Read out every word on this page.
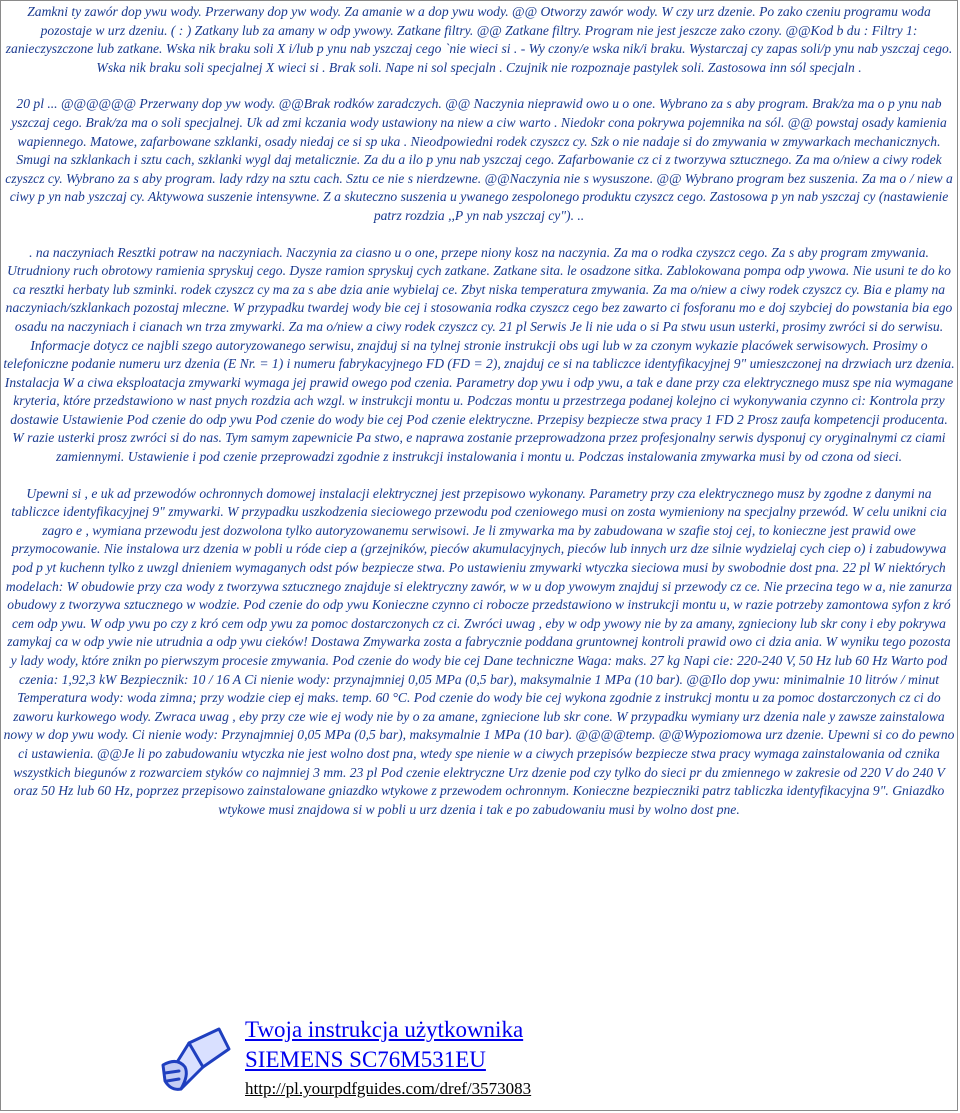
Zamkni ty zawór dop ywu wody. Przerwany dop yw wody. Za amanie w a dop ywu wody. @@ Otworzy zawór wody. W czy urz dzenie. Po zako czeniu programu woda pozostaje w urz dzeniu. ( : ) Zatkany lub za amany w odp ywowy. Zatkane filtry. @@ Zatkane filtry. Program nie jest jeszcze zako czony. @@Kod b du : Filtry 1: zanieczyszczone lub zatkane. Wska nik braku soli X i/lub p ynu nab yszczaj cego `nie wieci si . - Wy czony/e wska nik/i braku. Wystarczaj cy zapas soli/p ynu nab yszczaj cego. Wska nik braku soli specjalnej X wieci si . Brak soli. Nape ni sol specjaln . Czujnik nie rozpoznaje pastylek soli. Zastosowa inn sól specjaln .

20 pl ... @@@@@@ Przerwany dop yw wody. @@Brak rodków zaradczych. @@ Naczynia nieprawid owo u o one. Wybrano za s aby program. Brak/za ma o p ynu nab yszczaj cego. Brak/za ma o soli specjalnej. Uk ad zmi kczania wody ustawiony na niew a ciw warto . Niedokr cona pokrywa pojemnika na sól. @@ powstaj osady kamienia wapiennego. Matowe, zafarbowane szklanki, osady niedaj ce si sp uka . Nieodpowiedni rodek czyszcz cy. Szk o nie nadaje si do zmywania w zmywarkach mechanicznych. Smugi na szklankach i sztu cach, szklanki wygl daj metalicznie. Za du a ilo p ynu nab yszczaj cego. Zafarbowanie cz ci z tworzywa sztucznego. Za ma o/niew a ciwy rodek czyszcz cy. Wybrano za s aby program. lady rdzy na sztu cach. Sztu ce nie s nierdzewne. @@Naczynia nie s wysuszone. @@ Wybrano program bez suszenia. Za ma o / niew a ciwy p yn nab yszczaj cy. Aktywowa suszenie intensywne. Z a skuteczno suszenia u ywanego zespolonego produktu czyszcz cego. Zastosowa p yn nab yszczaj cy (nastawienie patrz rozdzia ,,P yn nab yszczaj cy"). ..

. na naczyniach Resztki potraw na naczyniach. Naczynia za ciasno u o one, przepe niony kosz na naczynia. Za ma o rodka czyszcz cego. Za s aby program zmywania. Utrudniony ruch obrotowy ramienia spryskuj cego. Dysze ramion spryskuj cych zatkane. Zatkane sita. le osadzone sitka. Zablokowana pompa odp ywowa. Nie usuni te do ko ca resztki herbaty lub szminki. rodek czyszcz cy ma za s abe dzia anie wybielaj ce. Zbyt niska temperatura zmywania. Za ma o/niew a ciwy rodek czyszcz cy. Bia e plamy na naczyniach/szklankach pozostaj mleczne. W przypadku twardej wody bie cej i stosowania rodka czyszcz cego bez zawarto ci fosforanu mo e doj szybciej do powstania bia ego osadu na naczyniach i cianach wn trza zmywarki. Za ma o/niew a ciwy rodek czyszcz cy. 21 pl Serwis Je li nie uda o si Pa stwu usun usterki, prosimy zwróci si do serwisu. Informacje dotycz ce najbli szego autoryzowanego serwisu, znajduj si na tylnej stronie instrukcji obs ugi lub w za czonym wykazie placówek serwisowych. Prosimy o telefoniczne podanie numeru urz dzenia (E Nr. = 1) i numeru fabrykacyjnego FD (FD = 2), znajduj ce si na tabliczce identyfikacyjnej 9" umieszczonej na drzwiach urz dzenia. Instalacja W a ciwa eksploatacja zmywarki wymaga jej prawid owego pod czenia. Parametry dop ywu i odp ywu, a tak e dane przy cza elektrycznego musz spe nia wymagane kryteria, które przedstawiono w nast pnych rozdzia ach wzgl. w instrukcji montu u. Podczas montu u przestrzega podanej kolejno ci wykonywania czynno ci: Kontrola przy dostawie Ustawienie Pod czenie do odp ywu Pod czenie do wody bie cej Pod czenie elektryczne. Przepisy bezpiecze stwa pracy 1 FD 2 Prosz zaufa kompetencji producenta. W razie usterki prosz zwróci si do nas. Tym samym zapewnicie Pa stwo, e naprawa zostanie przeprowadzona przez profesjonalny serwis dysponuj cy oryginalnymi cz ciami zamiennymi. Ustawienie i pod czenie przeprowadzi zgodnie z instrukcji instalowania i montu u. Podczas instalowania zmywarka musi by od czona od sieci.

Upewni si , e uk ad przewodów ochronnych domowej instalacji elektrycznej jest przepisowo wykonany. Parametry przy cza elektrycznego musz by zgodne z danymi na tabliczce identyfikacyjnej 9" zmywarki. W przypadku uszkodzenia sieciowego przewodu pod czeniowego musi on zosta wymieniony na specjalny przewód. W celu unikni cia zagro e , wymiana przewodu jest dozwolona tylko autoryzowanemu serwisowi. Je li zmywarka ma by zabudowana w szafie stoj cej, to konieczne jest prawid owe przymocowanie. Nie instalowa urz dzenia w pobli u róde ciep a (grzejników, pieców akumulacyjnych, pieców lub innych urz dze silnie wydzielaj cych ciep o) i zabudowywa pod p yt kuchenn tylko z uwzgl dnieniem wymaganych odst pów bezpiecze stwa. Po ustawieniu zmywarki wtyczka sieciowa musi by swobodnie dost pna. 22 pl W niektórych modelach: W obudowie przy cza wody z tworzywa sztucznego znajduje si elektryczny zawór, w w u dop ywowym znajduj si przewody cz ce. Nie przecina tego w a, nie zanurza obudowy z tworzywa sztucznego w wodzie. Pod czenie do odp ywu Konieczne czynno ci robocze przedstawiono w instrukcji montu u, w razie potrzeby zamontowa syfon z kró cem odp ywu. W odp ywu po czy z kró cem odp ywu za pomoc dostarczonych cz ci. Zwróci uwag , eby w odp ywowy nie by za amany, zgnieciony lub skr cony i eby pokrywa zamykaj ca w odp ywie nie utrudnia a odp ywu cieków! Dostawa Zmywarka zosta a fabrycznie poddana gruntownej kontroli prawid owo ci dzia ania. W wyniku tego pozosta y lady wody, które znikn po pierwszym procesie zmywania. Pod czenie do wody bie cej Dane techniczne Waga: maks. 27 kg Napi cie: 220-240 V, 50 Hz lub 60 Hz Warto pod czenia: 1,92,3 kW Bezpiecznik: 10 / 16 A Ci nienie wody: przynajmniej 0,05 MPa (0,5 bar), maksymalnie 1 MPa (10 bar). @@Ilo dop ywu: minimalnie 10 litrów / minut Temperatura wody: woda zimna; przy wodzie ciep ej maks. temp. 60 °C. Pod czenie do wody bie cej wykona zgodnie z instrukcj montu u za pomoc dostarczonych cz ci do zaworu kurkowego wody. Zwraca uwag , eby przy cze wie ej wody nie by o za amane, zgniecione lub skr cone. W przypadku wymiany urz dzenia nale y zawsze zainstalowa nowy w dop ywu wody. Ci nienie wody: Przynajmniej 0,05 MPa (0,5 bar), maksymalnie 1 MPa (10 bar). @@@@temp. @@Wypoziomowa urz dzenie. Upewni si co do pewno ci ustawienia. @@Je li po zabudowaniu wtyczka nie jest wolno dost pna, wtedy spe nienie w a ciwych przepisów bezpiecze stwa pracy wymaga zainstalowania od cznika wszystkich biegunów z rozwarciem styków co najmniej 3 mm. 23 pl Pod czenie elektryczne Urz dzenie pod czy tylko do sieci pr du zmiennego w zakresie od 220 V do 240 V oraz 50 Hz lub 60 Hz, poprzez przepisowo zainstalowane gniazdko wtykowe z przewodem ochronnym. Konieczne bezpieczniki patrz tabliczka identyfikacyjna 9". Gniazdko wtykowe musi znajdowa si w pobli u urz dzenia i tak e po zabudowaniu musi by wolno dost pne.

Twoja instrukcja użytkownika
SIEMENS SC76M531EU
http://pl.yourpdfguides.com/dref/3573083
